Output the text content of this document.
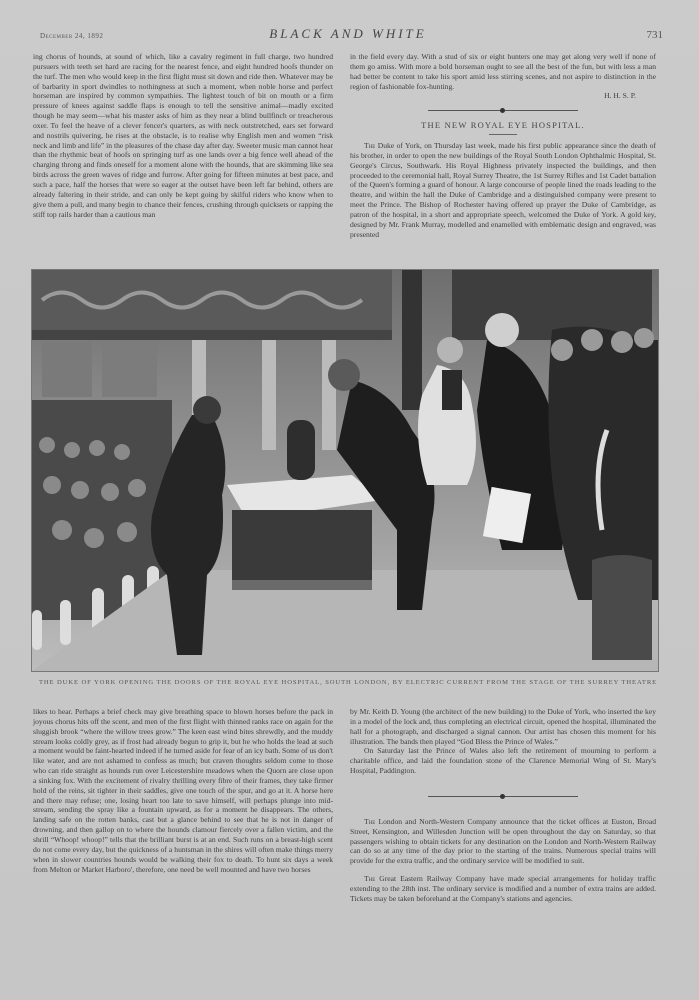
December 24, 1892	BLACK AND WHITE	731

ing chorus of hounds, at sound of which, like a cavalry regiment in full charge, two hundred pursuers with teeth set hard are racing for the nearest fence, and eight hundred hoofs thunder on the turf. The men who would keep in the first flight must sit down and ride then. Whatever may be of barbarity in sport dwindles to nothingness at such a moment, when noble horse and perfect horseman are inspired by common sympathies. The lightest touch of bit on mouth or a firm pressure of knees against saddle flaps is enough to tell the sensitive animal—madly excited though he may seem—what his master asks of him as they near a blind bullfinch or treacherous oxer. To feel the heave of a clever fencer's quarters, as with neck outstretched, ears set forward and nostrils quivering, he rises at the obstacle, is to realise why English men and women “risk neck and limb and life” in the pleasures of the chase day after day. Sweeter music man cannot hear than the rhythmic beat of hoofs on springing turf as one lands over a big fence well ahead of the charging throng and finds oneself for a moment alone with the hounds, that are skimming like sea birds across the green waves of ridge and furrow. After going for fifteen minutes at best pace, and such a pace, half the horses that were so eager at the outset have been left far behind, others are already faltering in their stride, and can only be kept going by skilful riders who know when to give them a pull, and many begin to chance their fences, crushing through quicksets or rapping the stiff top rails harder than a cautious man

in the field every day. With a stud of six or eight hunters one may get along very well if none of them go amiss. With more a bold horseman ought to see all the best of the fun, but with less a man had better be content to take his sport amid less stirring scenes, and not aspire to distinction in the region of fashionable fox-hunting.

H. H. S. P.
THE NEW ROYAL EYE HOSPITAL.

The Duke of York, on Thursday last week, made his first public appearance since the death of his brother, in order to open the new buildings of the Royal South London Ophthalmic Hospital, St. George's Circus, Southwark. His Royal Highness privately inspected the buildings, and then proceeded to the ceremonial hall, Royal Surrey Theatre, the 1st Surrey Rifles and 1st Cadet battalion of the Queen's forming a guard of honour. A large concourse of people lined the roads leading to the theatre, and within the hall the Duke of Cambridge and a distinguished company were present to meet the Prince. The Bishop of Rochester having offered up prayer the Duke of Cambridge, as patron of the hospital, in a short and appropriate speech, welcomed the Duke of York. A gold key, designed by Mr. Frank Murray, modelled and enamelled with emblematic design and engraved, was presented

THE DUKE OF YORK OPENING THE DOORS OF THE ROYAL EYE HOSPITAL, SOUTH LONDON, BY ELECTRIC CURRENT FROM THE STAGE OF THE SURREY THEATRE

likes to hear. Perhaps a brief check may give breathing space to blown horses before the pack in joyous chorus hits off the scent, and men of the first flight with thinned ranks race on again for the sluggish brook “where the willow trees grow.” The keen east wind bites shrewdly, and the muddy stream looks coldly grey, as if frost had already begun to grip it, but he who holds the lead at such a moment would be faint-hearted indeed if he turned aside for fear of an icy bath. Some of us don't like water, and are not ashamed to confess as much; but craven thoughts seldom come to those who can ride straight as hounds run over Leicestershire meadows when the Quorn are close upon a sinking fox. With the excitement of rivalry thrilling every fibre of their frames, they take firmer hold of the reins, sit tighter in their saddles, give one touch of the spur, and go at it. A horse here and there may refuse; one, losing heart too late to save himself, will perhaps plunge into mid-stream, sending the spray like a fountain upward, as for a moment he disappears. The others, landing safe on the rotten banks, cast but a glance behind to see that he is not in danger of drowning, and then gallop on to where the hounds clamour fiercely over a fallen victim, and the shrill “Whoop! whoop!” tells that the brilliant burst is at an end. Such runs on a breast-high scent do not come every day, but the quickness of a huntsman in the shires will often make things merry when in slower countries hounds would be walking their fox to death. To hunt six days a week from Melton or Market Harboro', therefore, one need be well mounted and have two horses

by Mr. Keith D. Young (the architect of the new building) to the Duke of York, who inserted the key in a model of the lock and, thus completing an electrical circuit, opened the hospital, illuminated the hall for a photograph, and discharged a signal cannon. Our artist has chosen this moment for his illustration. The bands then played “God Bless the Prince of Wales.”

On Saturday last the Prince of Wales also left the retirement of mourning to perform a charitable office, and laid the foundation stone of the Clarence Memorial Wing of St. Mary's Hospital, Paddington.

The London and North-Western Company announce that the ticket offices at Euston, Broad Street, Kensington, and Willesden Junction will be open throughout the day on Saturday, so that passengers wishing to obtain tickets for any destination on the London and North-Western Railway can do so at any time of the day prior to the starting of the trains. Numerous special trains will provide for the extra traffic, and the ordinary service will be modified to suit.

The Great Eastern Railway Company have made special arrangements for holiday traffic extending to the 28th inst. The ordinary service is modified and a number of extra trains are added. Tickets may be taken beforehand at the Company's stations and agencies.
